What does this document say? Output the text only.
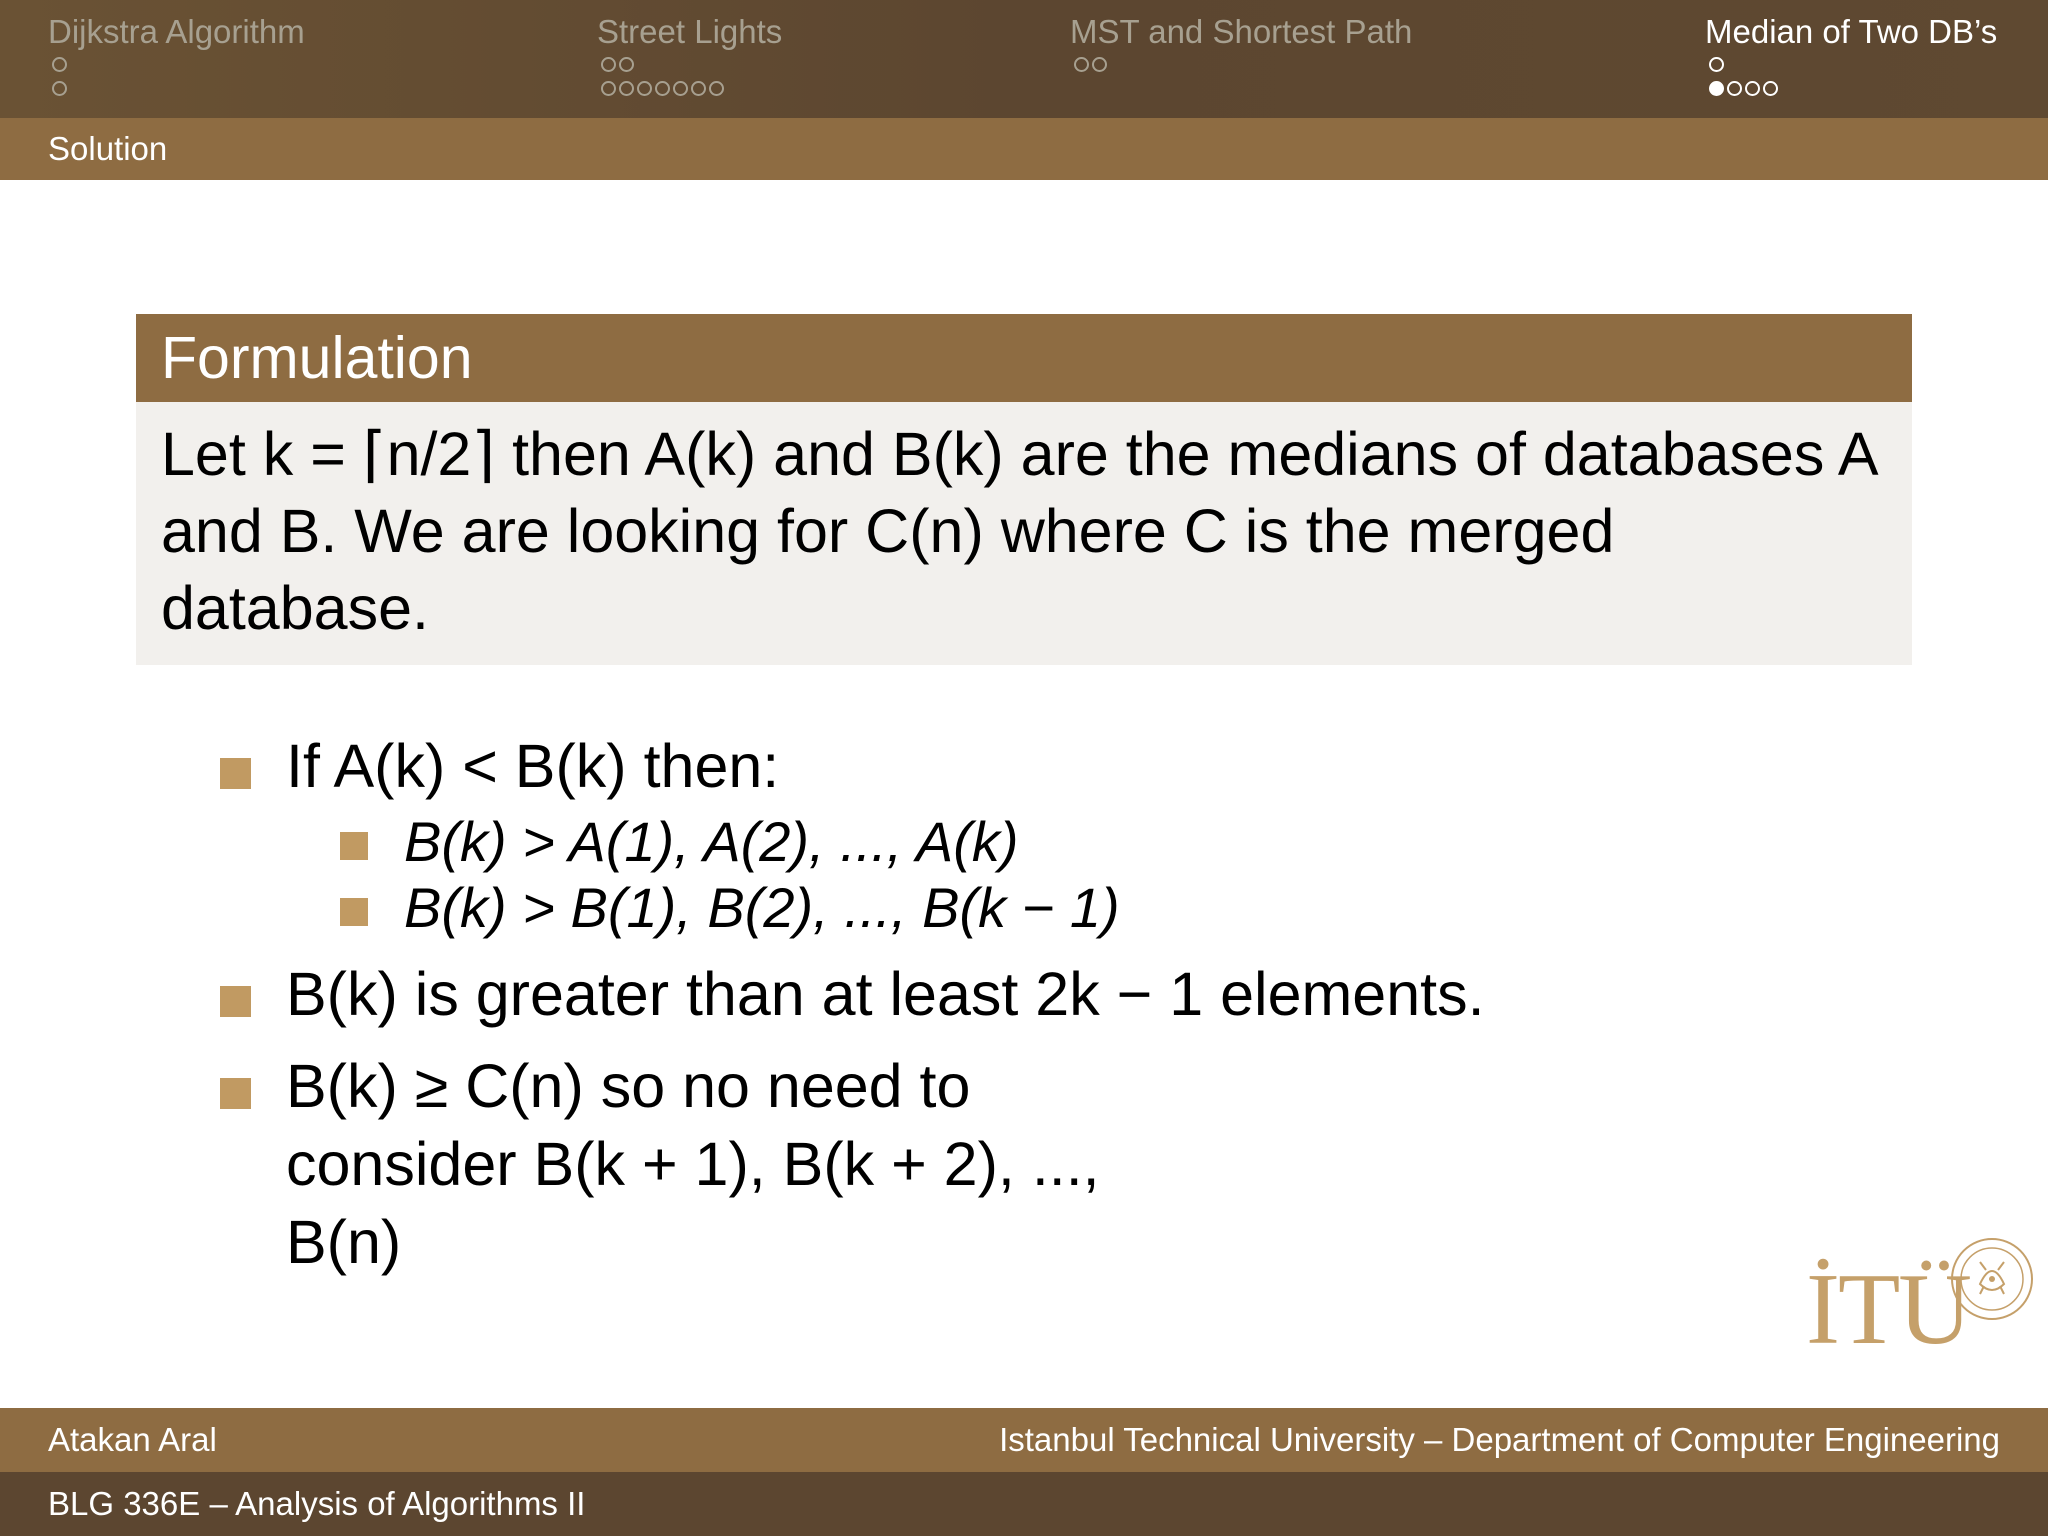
Dijkstra Algorithm	Street Lights	MST and Shortest Path	Median of Two DB’s
Solution
Formulation
Let k = ⌈n/2⌉ then A(k) and B(k) are the medians of databases A and B. We are looking for C(n) where C is the merged database.
If A(k) < B(k) then:
B(k) > A(1), A(2), ..., A(k)
B(k) > B(1), B(2), ..., B(k − 1)
B(k) is greater than at least 2k − 1 elements.
B(k) ≥ C(n) so no need to consider B(k + 1), B(k + 2), ..., B(n)
İTÜ
Atakan Aral	Istanbul Technical University – Department of Computer Engineering
BLG 336E – Analysis of Algorithms II
